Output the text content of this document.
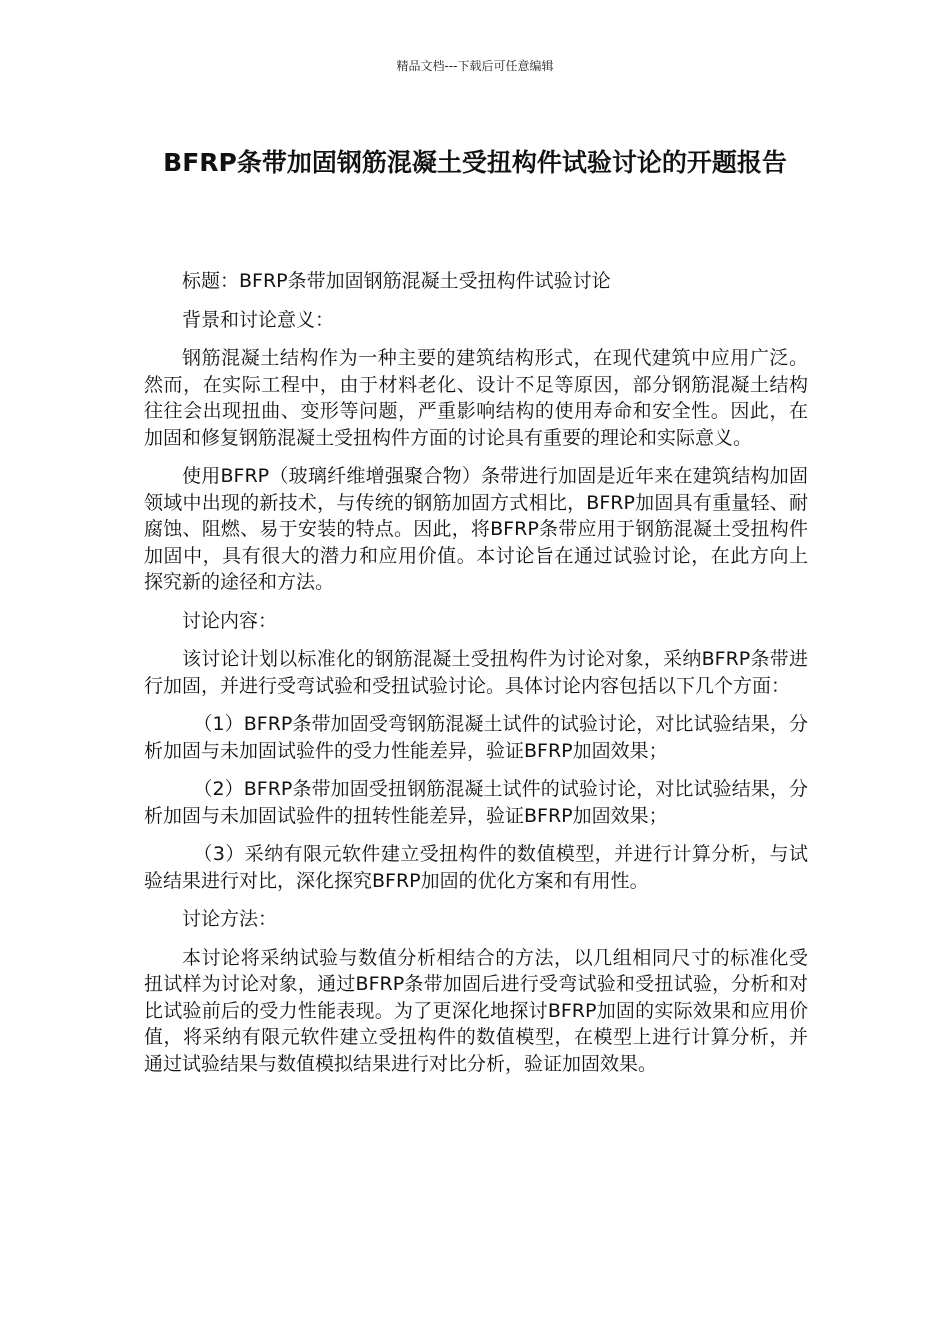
精品文档---下载后可任意编辑
BFRP条带加固钢筋混凝土受扭构件试验讨论的开题报告

标题：BFRP条带加固钢筋混凝土受扭构件试验讨论

背景和讨论意义：

钢筋混凝土结构作为一种主要的建筑结构形式，在现代建筑中应用广泛。然而，在实际工程中，由于材料老化、设计不足等原因，部分钢筋混凝土结构往往会出现扭曲、变形等问题，严重影响结构的使用寿命和安全性。因此，在加固和修复钢筋混凝土受扭构件方面的讨论具有重要的理论和实际意义。

使用BFRP（玻璃纤维增强聚合物）条带进行加固是近年来在建筑结构加固领域中出现的新技术，与传统的钢筋加固方式相比，BFRP加固具有重量轻、耐腐蚀、阻燃、易于安装的特点。因此，将BFRP条带应用于钢筋混凝土受扭构件加固中，具有很大的潜力和应用价值。本讨论旨在通过试验讨论，在此方向上探究新的途径和方法。

讨论内容：

该讨论计划以标准化的钢筋混凝土受扭构件为讨论对象，采纳BFRP条带进行加固，并进行受弯试验和受扭试验讨论。具体讨论内容包括以下几个方面：

（1）BFRP条带加固受弯钢筋混凝土试件的试验讨论，对比试验结果，分析加固与未加固试验件的受力性能差异，验证BFRP加固效果；

（2）BFRP条带加固受扭钢筋混凝土试件的试验讨论，对比试验结果，分析加固与未加固试验件的扭转性能差异，验证BFRP加固效果；

（3）采纳有限元软件建立受扭构件的数值模型，并进行计算分析，与试验结果进行对比，深化探究BFRP加固的优化方案和有用性。

讨论方法：

本讨论将采纳试验与数值分析相结合的方法，以几组相同尺寸的标准化受扭试样为讨论对象，通过BFRP条带加固后进行受弯试验和受扭试验，分析和对比试验前后的受力性能表现。为了更深化地探讨BFRP加固的实际效果和应用价值，将采纳有限元软件建立受扭构件的数值模型，在模型上进行计算分析，并通过试验结果与数值模拟结果进行对比分析，验证加固效果。
